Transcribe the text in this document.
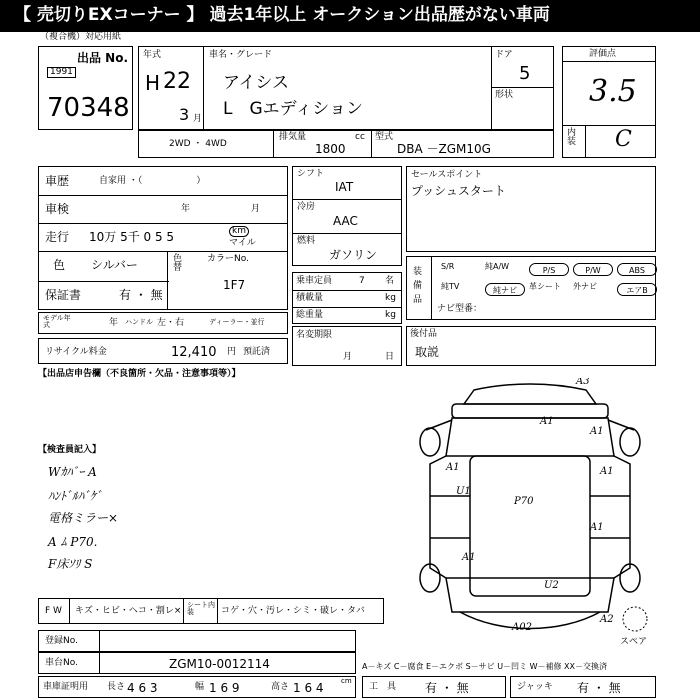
【 売切りEXコーナー 】 過去1年以上 オークション出品歴がない車両
（複合機）対応用紙
出品 No.
1991
70348
年式
H 22
3 月
車名・グレード
アイシス
L　Gエディション
ドア
5
形状
評価点
3.5
内装 C
2WD ・ 4WD
排気量	cc
1800
型式
DBA －ZGM10G
車歴	自家用 ・（　　　　　　）
車検	年	月
走行 10万 5千 0 5 5	km
マイル
色 シルバー	色替
カラーNo.
1F7
保証書	有 ・ 無
シフト
IAT
冷房
AAC
燃料
ガソリン
セールスポイント
プッシュスタート
乗車定員	7 名
積載量	kg
総重量	kg
装備品
S/R	純A/W	P/S	P/W	ABS
純TV	純ナビ	革シート 外ナビ	エアB
ナビ型番：
モデル年式	年 ハンドル 左・右	ディーラー・並行
名変期限
月	日
後付品
取説
リサイクル料金	12,410 円 預託済
【出品店申告欄（不良箇所・欠品・注意事項等）】
【検査員記入】
Wｶﾊﾞｰ A
ﾊﾝﾄﾞﾙﾊﾞｹﾞ
電格ミラー×
A ﾑ P70.
F床ｿﾘ S
A3
A1
A1
A1	A1
U1
P70
A1
U2
A1
A02
A2
スペア
F W キズ・ヒビ・ヘコ・割レ×
シート内装	コゲ・穴・汚レ・シミ・破レ・タバ
登録No.
車台No.	ZGM10-0012114	A－キズ C－腐食 E－エクボ S－サビ U－凹ミ W－補修 XX－交換済
車庫証明用 長さ 4 6 3	幅 1 6 9	高さ 1 6 4 cm
工　具 有 ・ 無	ジャッキ 有 ・ 無
